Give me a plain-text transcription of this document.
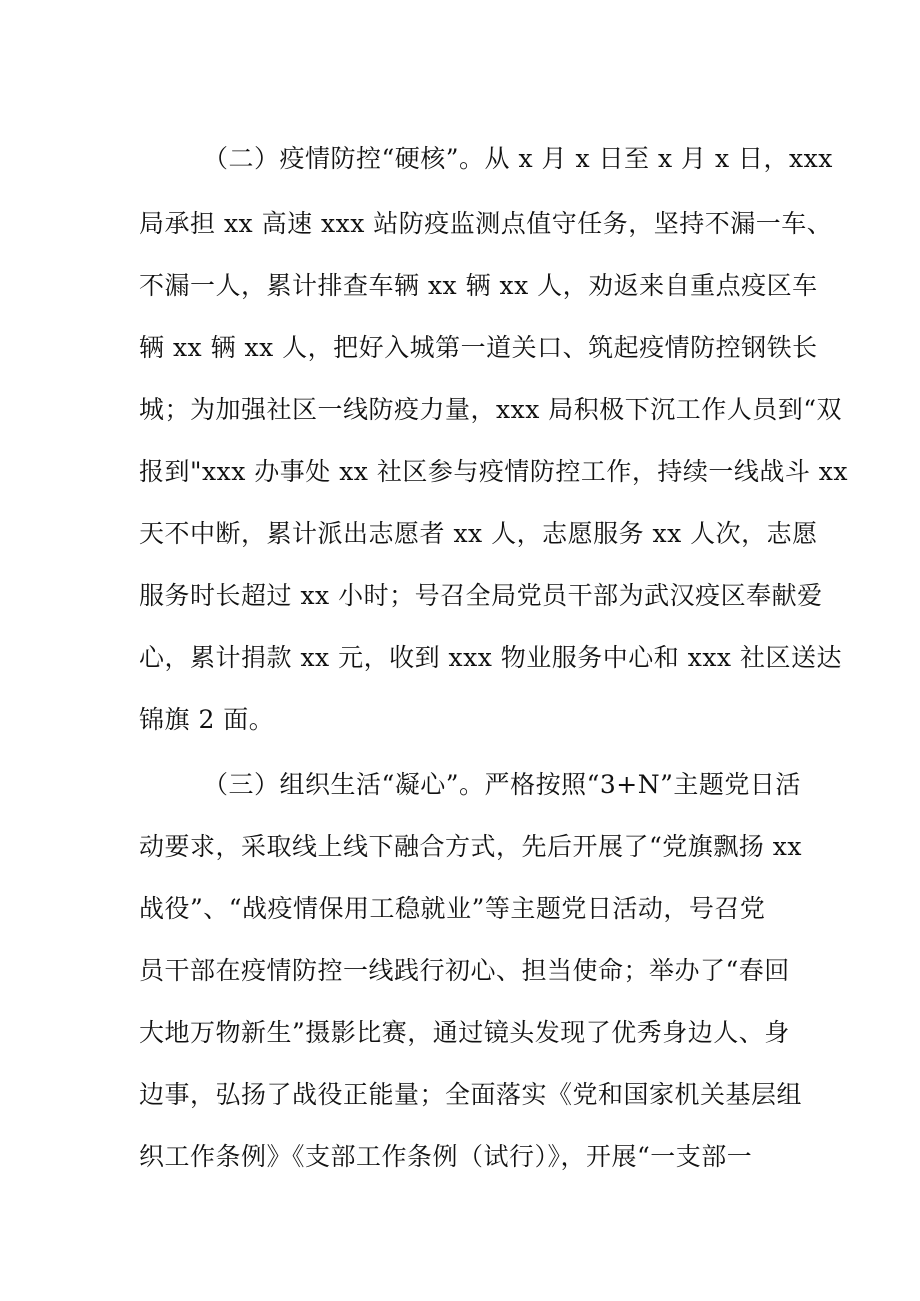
（二）疫情防控“硬核”。从 x 月 x 日至 x 月 x 日，xxx
局承担 xx 高速 xxx 站防疫监测点值守任务，坚持不漏一车、
不漏一人，累计排查车辆 xx 辆 xx 人，劝返来自重点疫区车
辆 xx 辆 xx 人，把好入城第一道关口、筑起疫情防控钢铁长
城；为加强社区一线防疫力量，xxx 局积极下沉工作人员到“双
报到"xxx 办事处 xx 社区参与疫情防控工作，持续一线战斗 xx
天不中断，累计派出志愿者 xx 人，志愿服务 xx 人次，志愿
服务时长超过 xx 小时；号召全局党员干部为武汉疫区奉献爱
心，累计捐款 xx 元，收到 xxx 物业服务中心和 xxx 社区送达
锦旗 2 面。
（三）组织生活“凝心”。严格按照“3+N”主题党日活
动要求，采取线上线下融合方式，先后开展了“党旗飘扬 xx
战役”、“战疫情保用工稳就业”等主题党日活动，号召党
员干部在疫情防控一线践行初心、担当使命；举办了“春回
大地万物新生”摄影比赛，通过镜头发现了优秀身边人、身
边事，弘扬了战役正能量；全面落实《党和国家机关基层组
织工作条例》《支部工作条例（试行）》，开展“一支部一
